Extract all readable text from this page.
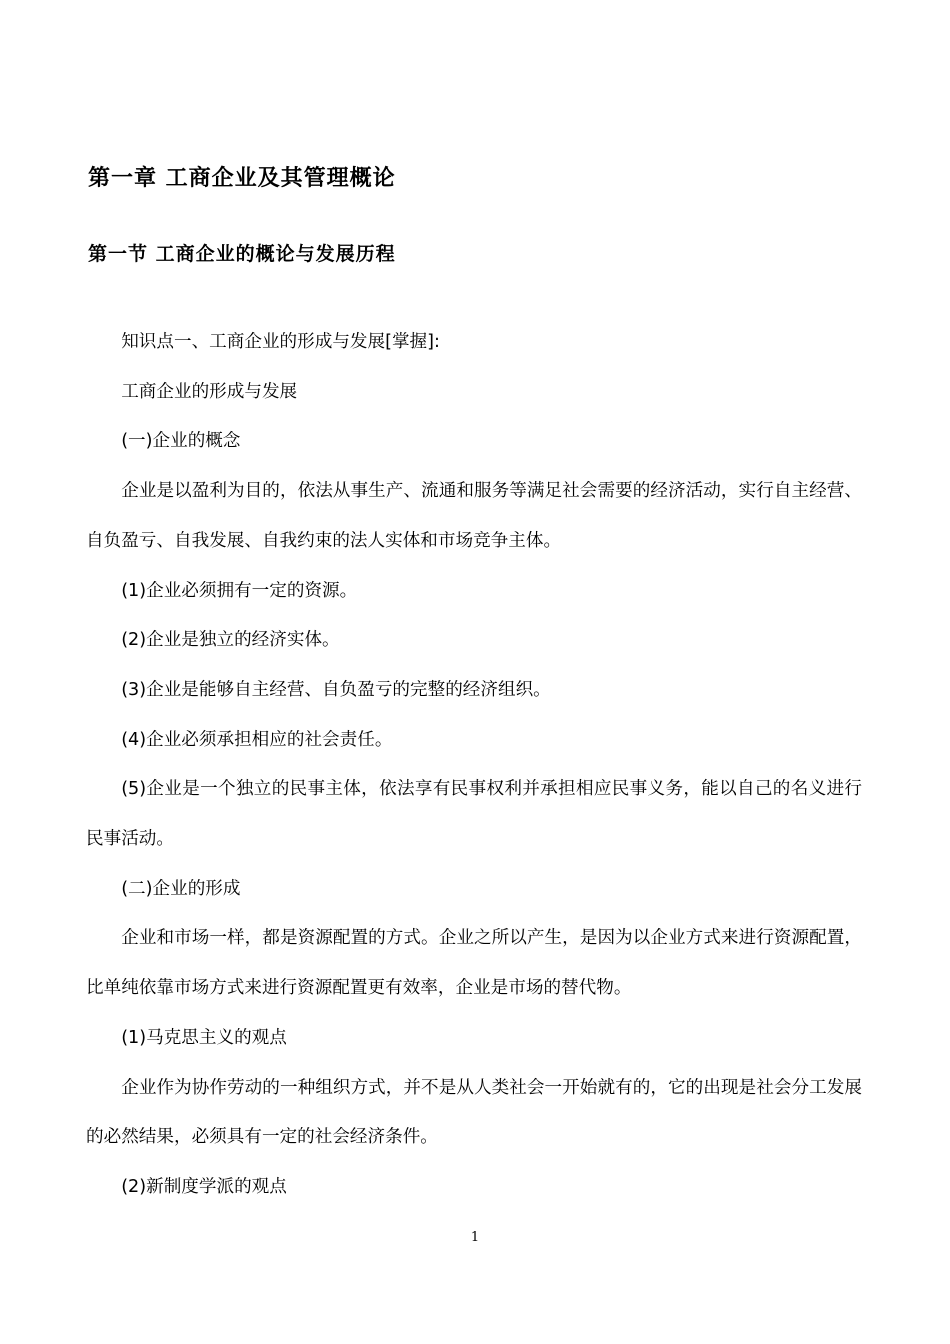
第一章 工商企业及其管理概论
第一节 工商企业的概论与发展历程

知识点一、工商企业的形成与发展[掌握]:

工商企业的形成与发展

(一)企业的概念

企业是以盈利为目的，依法从事生产、流通和服务等满足社会需要的经济活动，实行自主经营、自负盈亏、自我发展、自我约束的法人实体和市场竞争主体。

(1)企业必须拥有一定的资源。

(2)企业是独立的经济实体。

(3)企业是能够自主经营、自负盈亏的完整的经济组织。

(4)企业必须承担相应的社会责任。

(5)企业是一个独立的民事主体，依法享有民事权利并承担相应民事义务，能以自己的名义进行民事活动。

(二)企业的形成

企业和市场一样，都是资源配置的方式。企业之所以产生，是因为以企业方式来进行资源配置，比单纯依靠市场方式来进行资源配置更有效率，企业是市场的替代物。

(1)马克思主义的观点

企业作为协作劳动的一种组织方式，并不是从人类社会一开始就有的，它的出现是社会分工发展的必然结果，必须具有一定的社会经济条件。

(2)新制度学派的观点

1
